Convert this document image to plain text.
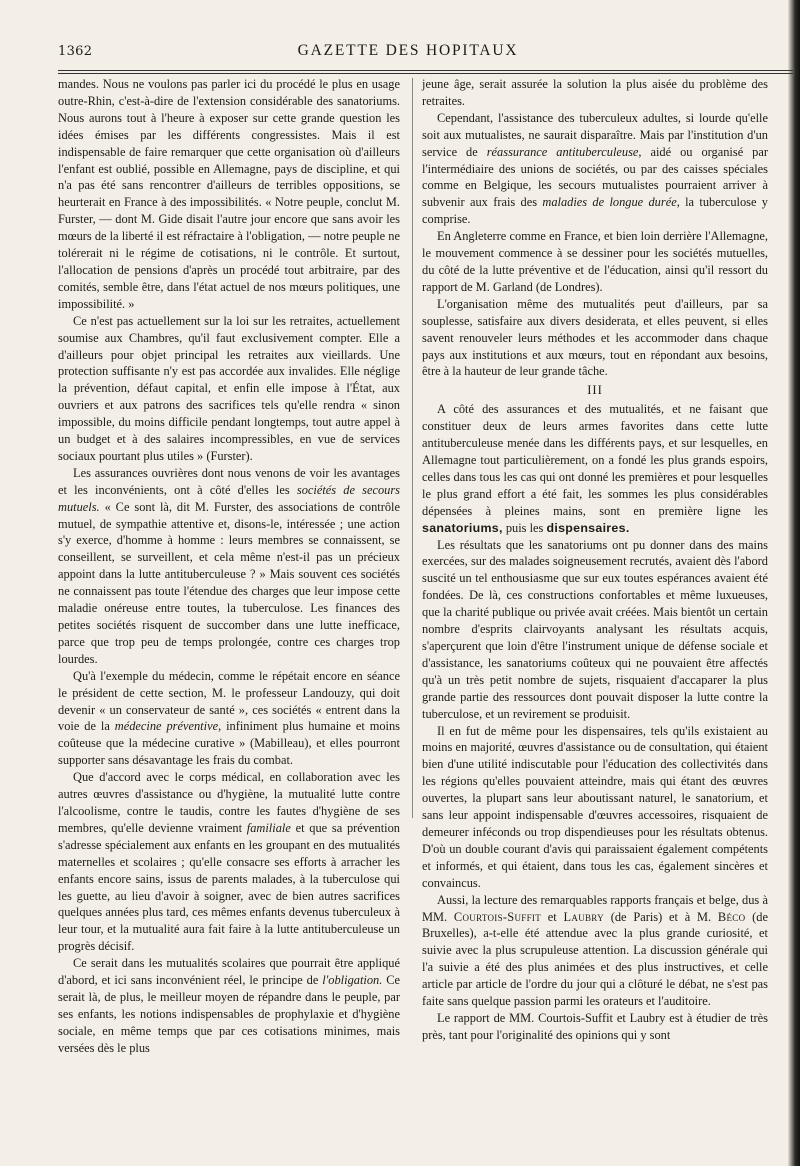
1362	GAZETTE DES HOPITAUX

mandes. Nous ne voulons pas parler ici du procédé le plus en usage outre-Rhin, c'est-à-dire de l'extension considérable des sanatoriums. Nous aurons tout à l'heure à exposer sur cette grande question les idées émises par les différents congressistes. Mais il est indispensable de faire remarquer que cette organisation où d'ailleurs l'enfant est oublié, possible en Allemagne, pays de discipline, et qui n'a pas été sans rencontrer d'ailleurs de terribles oppositions, se heurterait en France à des impossibilités. « Notre peuple, conclut M. Furster, — dont M. Gide disait l'autre jour encore que sans avoir les mœurs de la liberté il est réfractaire à l'obligation, — notre peuple ne tolérerait ni le régime de cotisations, ni le contrôle. Et surtout, l'allocation de pensions d'après un procédé tout arbitraire, par des comités, semble être, dans l'état actuel de nos mœurs politiques, une impossibilité. »

Ce n'est pas actuellement sur la loi sur les retraites, actuellement soumise aux Chambres, qu'il faut exclusivement compter. Elle a d'ailleurs pour objet principal les retraites aux vieillards. Une protection suffisante n'y est pas accordée aux invalides. Elle néglige la prévention, défaut capital, et enfin elle impose à l'État, aux ouvriers et aux patrons des sacrifices tels qu'elle rendra « sinon impossible, du moins difficile pendant longtemps, tout autre appel à un budget et à des salaires incompressibles, en vue de services sociaux pourtant plus utiles » (Furster).

Les assurances ouvrières dont nous venons de voir les avantages et les inconvénients, ont à côté d'elles les sociétés de secours mutuels. « Ce sont là, dit M. Furster, des associations de contrôle mutuel, de sympathie attentive et, disons-le, intéressée ; une action s'y exerce, d'homme à homme : leurs membres se connaissent, se conseillent, se surveillent, et cela même n'est-il pas un précieux appoint dans la lutte antituberculeuse ? » Mais souvent ces sociétés ne connaissent pas toute l'étendue des charges que leur impose cette maladie onéreuse entre toutes, la tuberculose. Les finances des petites sociétés risquent de succomber dans une lutte inefficace, parce que trop peu de temps prolongée, contre ces charges trop lourdes.

Qu'à l'exemple du médecin, comme le répétait encore en séance le président de cette section, M. le professeur Landouzy, qui doit devenir « un conservateur de santé », ces sociétés « entrent dans la voie de la médecine préventive, infiniment plus humaine et moins coûteuse que la médecine curative » (Mabilleau), et elles pourront supporter sans désavantage les frais du combat.

Que d'accord avec le corps médical, en collaboration avec les autres œuvres d'assistance ou d'hygiène, la mutualité lutte contre l'alcoolisme, contre le taudis, contre les fautes d'hygiène de ses membres, qu'elle devienne vraiment familiale et que sa prévention s'adresse spécialement aux enfants en les groupant en des mutualités maternelles et scolaires ; qu'elle consacre ses efforts à arracher les enfants encore sains, issus de parents malades, à la tuberculose qui les guette, au lieu d'avoir à soigner, avec de bien autres sacrifices quelques années plus tard, ces mêmes enfants devenus tuberculeux à leur tour, et la mutualité aura fait faire à la lutte antituberculeuse un progrès décisif.

Ce serait dans les mutualités scolaires que pourrait être appliqué d'abord, et ici sans inconvénient réel, le principe de l'obligation. Ce serait là, de plus, le meilleur moyen de répandre dans le peuple, par ses enfants, les notions indispensables de prophylaxie et d'hygiène sociale, en même temps que par ces cotisations minimes, mais versées dès le plus

jeune âge, serait assurée la solution la plus aisée du problème des retraites.

Cependant, l'assistance des tuberculeux adultes, si lourde qu'elle soit aux mutualistes, ne saurait disparaître. Mais par l'institution d'un service de réassurance antituberculeuse, aidé ou organisé par l'intermédiaire des unions de sociétés, ou par des caisses spéciales comme en Belgique, les secours mutualistes pourraient arriver à subvenir aux frais des maladies de longue durée, la tuberculose y comprise.

En Angleterre comme en France, et bien loin derrière l'Allemagne, le mouvement commence à se dessiner pour les sociétés mutuelles, du côté de la lutte préventive et de l'éducation, ainsi qu'il ressort du rapport de M. Garland (de Londres).

L'organisation même des mutualités peut d'ailleurs, par sa souplesse, satisfaire aux divers desiderata, et elles peuvent, si elles savent renouveler leurs méthodes et les accommoder dans chaque pays aux institutions et aux mœurs, tout en répondant aux besoins, être à la hauteur de leur grande tâche.

III

A côté des assurances et des mutualités, et ne faisant que constituer deux de leurs armes favorites dans cette lutte antituberculeuse menée dans les différents pays, et sur lesquelles, en Allemagne tout particulièrement, on a fondé les plus grands espoirs, celles dans tous les cas qui ont donné les premières et pour lesquelles le plus grand effort a été fait, les sommes les plus considérables dépensées à pleines mains, sont en première ligne les sanatoriums, puis les dispensaires.

Les résultats que les sanatoriums ont pu donner dans des mains exercées, sur des malades soigneusement recrutés, avaient dès l'abord suscité un tel enthousiasme que sur eux toutes espérances avaient été fondées. De là, ces constructions confortables et même luxueuses, que la charité publique ou privée avait créées. Mais bientôt un certain nombre d'esprits clairvoyants analysant les résultats acquis, s'aperçurent que loin d'être l'instrument unique de défense sociale et d'assistance, les sanatoriums coûteux qui ne pouvaient être affectés qu'à un très petit nombre de sujets, risquaient d'accaparer la plus grande partie des ressources dont pouvait disposer la lutte contre la tuberculose, et un revirement se produisit.

Il en fut de même pour les dispensaires, tels qu'ils existaient au moins en majorité, œuvres d'assistance ou de consultation, qui étaient bien d'une utilité indiscutable pour l'éducation des collectivités dans les régions qu'elles pouvaient atteindre, mais qui étant des œuvres ouvertes, la plupart sans leur aboutissant naturel, le sanatorium, et sans leur appoint indispensable d'œuvres accessoires, risquaient de demeurer inféconds ou trop dispendieuses pour les résultats obtenus. D'où un double courant d'avis qui paraissaient également compétents et informés, et qui étaient, dans tous les cas, également sincères et convaincus.

Aussi, la lecture des remarquables rapports français et belge, dus à MM. Courtois-Suffit et Laubry (de Paris) et à M. Béco (de Bruxelles), a-t-elle été attendue avec la plus grande curiosité, et suivie avec la plus scrupuleuse attention. La discussion générale qui l'a suivie a été des plus animées et des plus instructives, et celle article par article de l'ordre du jour qui a clôturé le débat, ne s'est pas faite sans quelque passion parmi les orateurs et l'auditoire.

Le rapport de MM. Courtois-Suffit et Laubry est à étudier de très près, tant pour l'originalité des opinions qui y sont
